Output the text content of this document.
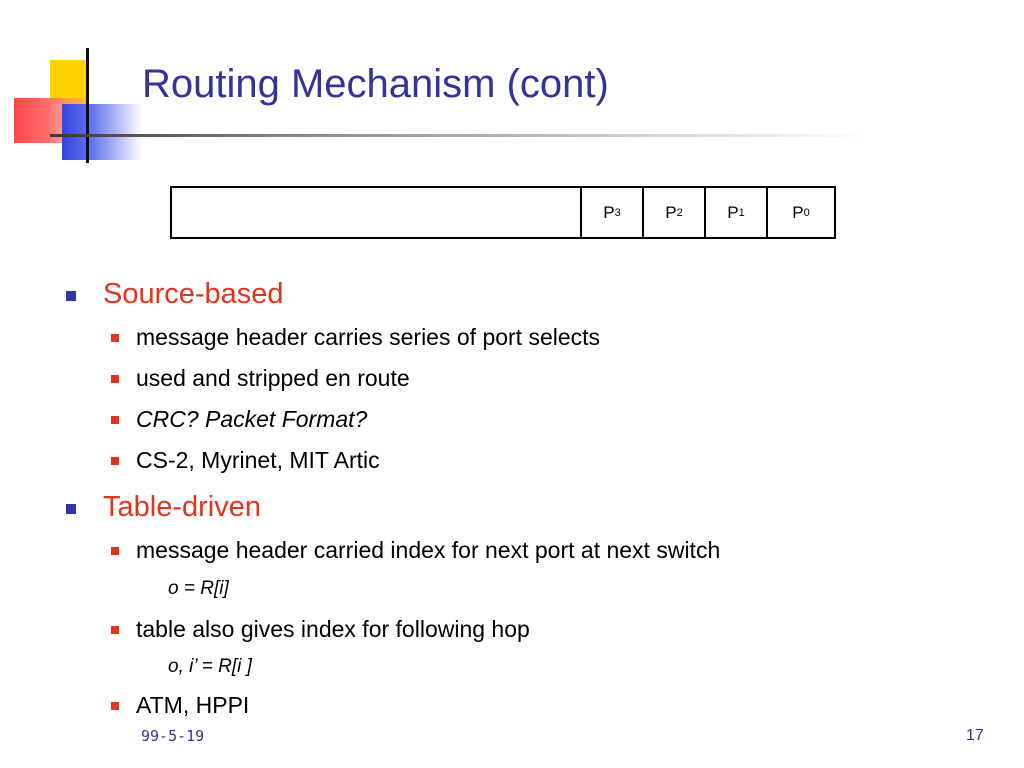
Routing Mechanism (cont)
P 3	P 2	P 1	P 0
Source-based
message header carries series of port selects
used and stripped en route
CRC? Packet Format?
CS-2, Myrinet, MIT Artic
Table-driven
message header carried index for next port at next switch
o = R[i]
table also gives index for following hop
o, i’ = R[i ]
ATM, HPPI
99-5-19	17
